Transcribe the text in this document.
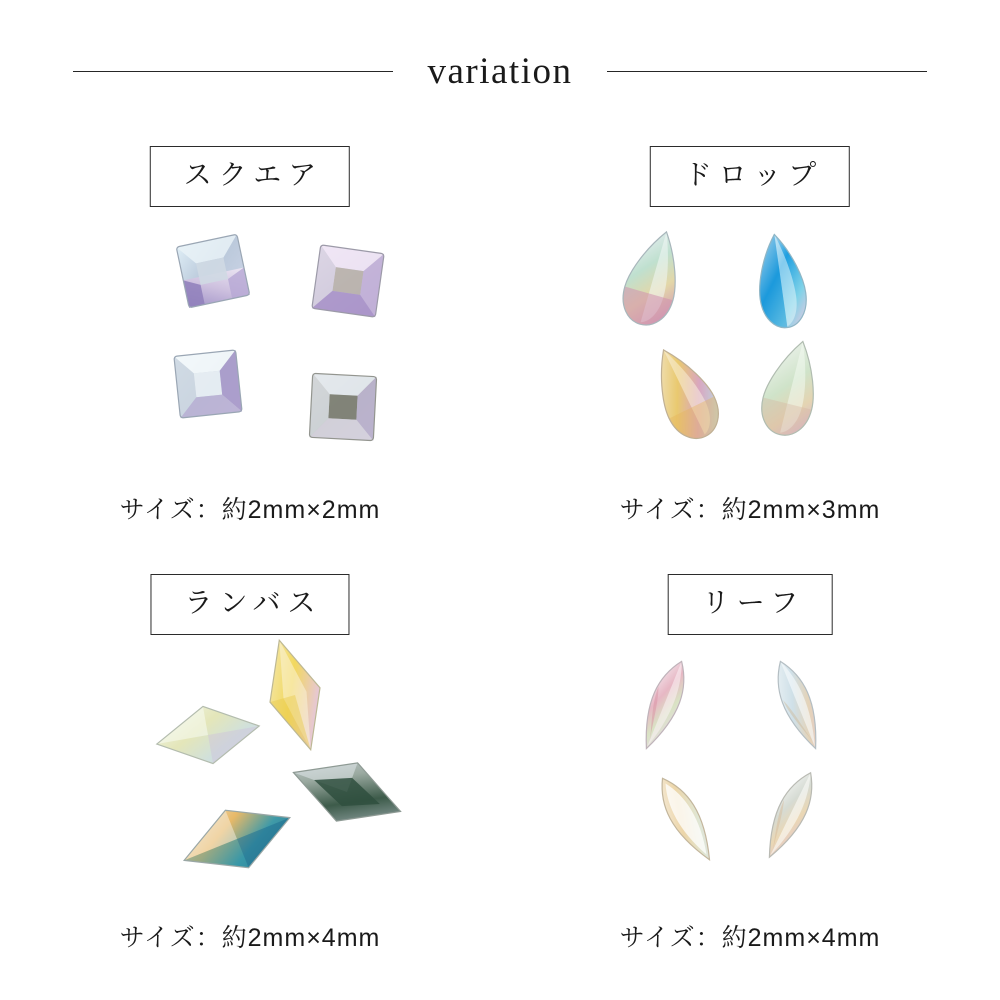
variation
スクエア
サイズ：約2mm×2mm
ドロップ
サイズ：約2mm×3mm
ランバス
サイズ：約2mm×4mm
リーフ
サイズ：約2mm×4mm
